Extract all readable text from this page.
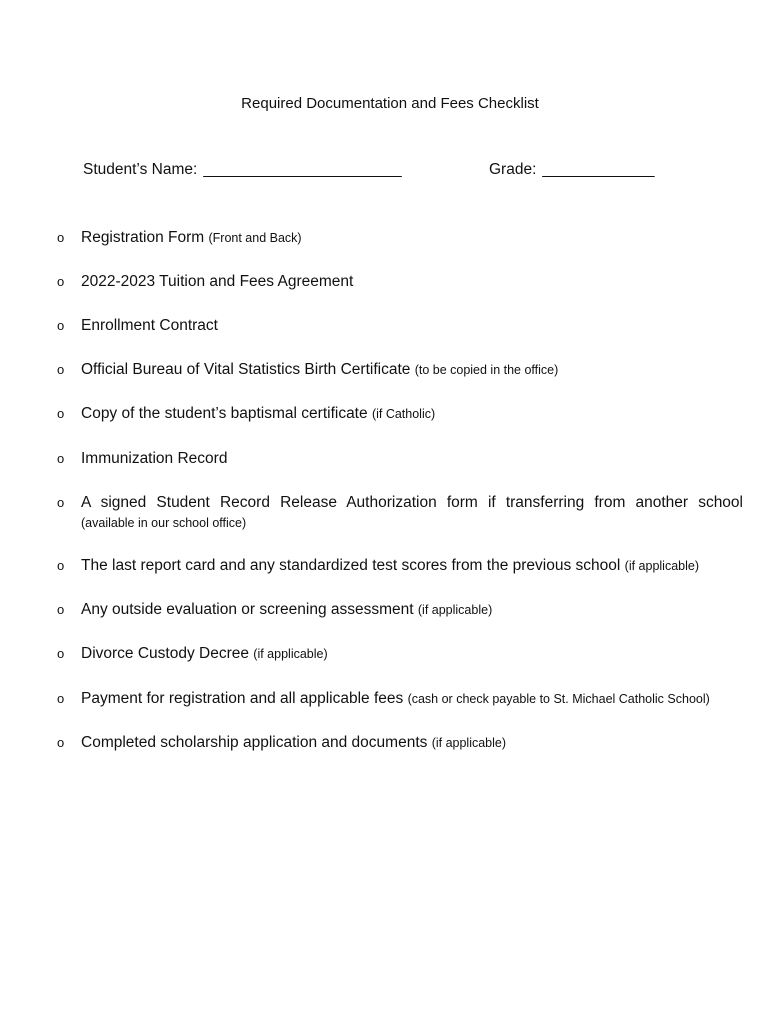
Required Documentation and Fees Checklist
Student’s Name: _______________________	Grade: _____________
o	Registration Form (Front and Back)
o	2022-2023 Tuition and Fees Agreement
o	Enrollment Contract
o	Official Bureau of Vital Statistics Birth Certificate (to be copied in the office)
o	Copy of the student’s baptismal certificate (if Catholic)
o	Immunization Record
o	A signed Student Record Release Authorization form if transferring from another school
(available in our school office)
o	The last report card and any standardized test scores from the previous school (if applicable)
o	Any outside evaluation or screening assessment (if applicable)
o	Divorce Custody Decree (if applicable)
o	Payment for registration and all applicable fees (cash or check payable to St. Michael Catholic School)
o	Completed scholarship application and documents (if applicable)
